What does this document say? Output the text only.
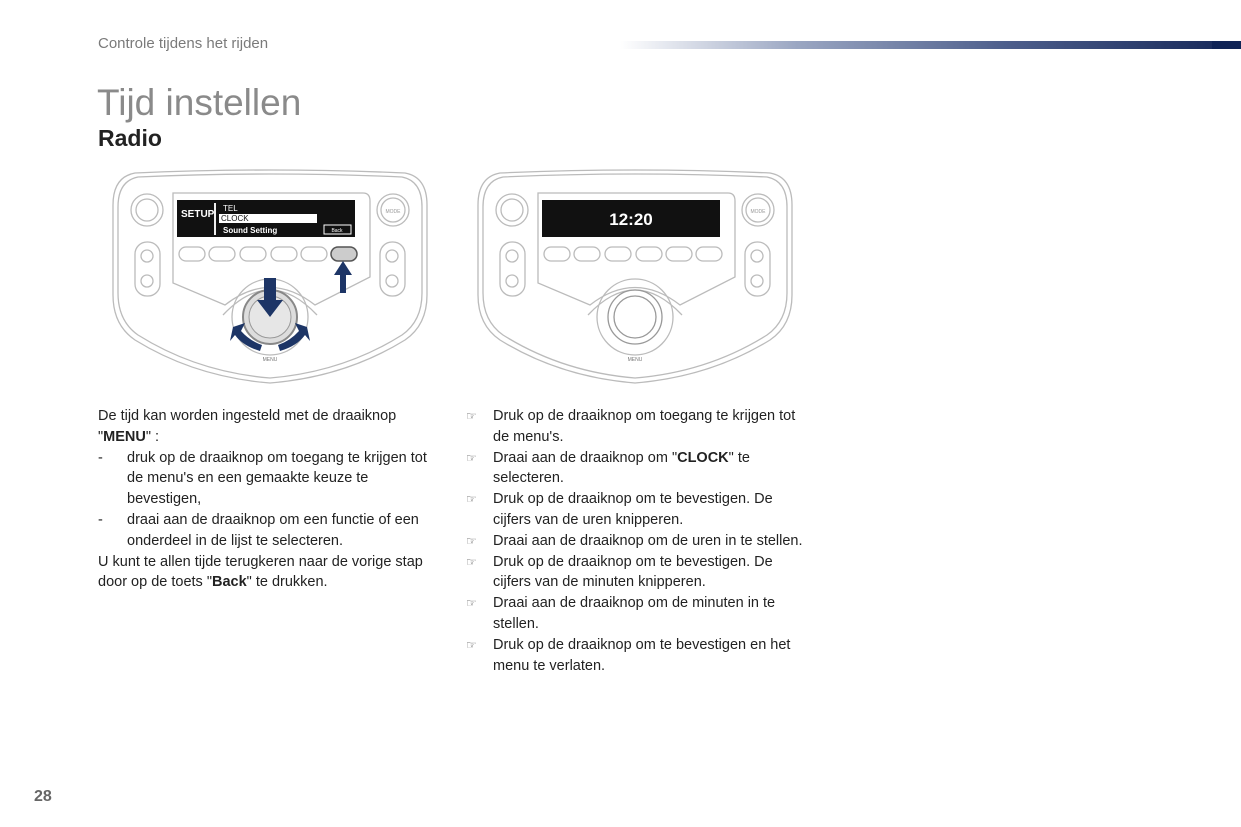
Controle tijdens het rijden
Tijd instellen
Radio
SETUP
TEL
CLOCK
Sound Setting	Back
MODE
MENU
12:20	MODE
MENU
De tijd kan worden ingesteld met de draaiknop
"MENU" :
-	druk op de draaiknop om toegang te krijgen tot de menu's en een gemaakte keuze te bevestigen,
-	draai aan de draaiknop om een functie of een onderdeel in de lijst te selecteren.
U kunt te allen tijde terugkeren naar de vorige stap door op de toets "Back" te drukken.
☞	Druk op de draaiknop om toegang te krijgen tot de menu's.
☞	Draai aan de draaiknop om "CLOCK" te selecteren.
☞	Druk op de draaiknop om te bevestigen. De cijfers van de uren knipperen.
☞	Draai aan de draaiknop om de uren in te stellen.
☞	Druk op de draaiknop om te bevestigen. De cijfers van de minuten knipperen.
☞	Draai aan de draaiknop om de minuten in te stellen.
☞	Druk op de draaiknop om te bevestigen en het menu te verlaten.
28
